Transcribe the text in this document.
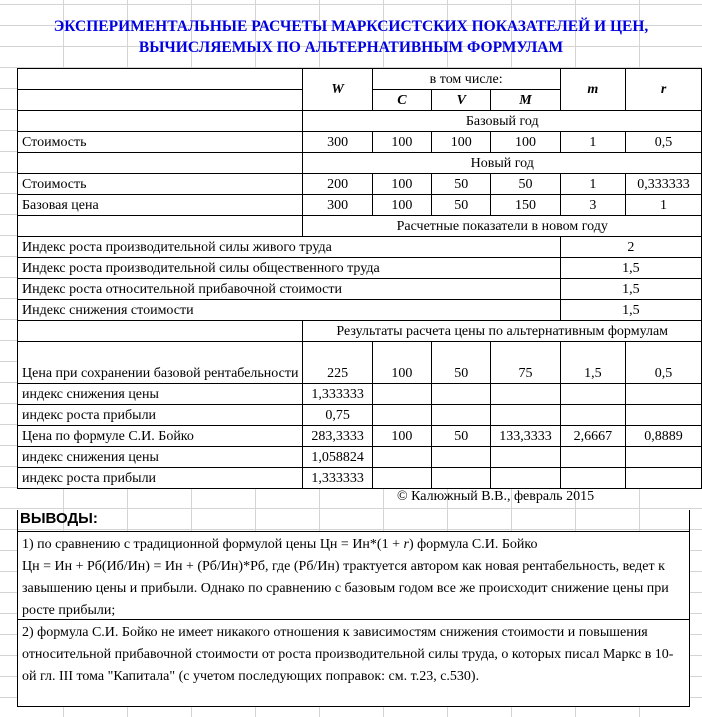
ЭКСПЕРИМЕНТАЛЬНЫЕ РАСЧЕТЫ МАРКСИСТСКИХ ПОКАЗАТЕЛЕЙ И ЦЕН,
ВЫЧИСЛЯЕМЫХ ПО АЛЬТЕРНАТИВНЫМ ФОРМУЛАМ
	W	в том числе:			m	r
		C	V	M		
	Базовый год					
Стоимость	300	100	100	100	1	0,5
	Новый год					
Стоимость	200	100	50	50	1	0,333333
Базовая цена	300	100	50	150	3	1
	Расчетные показатели в новом году					
Индекс роста производительной силы живого труда					2	
Индекс роста производительной силы общественного труда					1,5	
Индекс роста относительной прибавочной стоимости					1,5	
Индекс снижения стоимости					1,5	
	Результаты расчета цены по альтернативным формулам					
Цена при сохранении базовой рентабельности	225	100	50	75	1,5	0,5
индекс снижения цены	1,333333					
индекс роста прибыли	0,75					
Цена по формуле С.И. Бойко	283,3333	100	50	133,3333	2,6667	0,8889
индекс снижения цены	1,058824					
индекс роста прибыли	1,333333					
© Калюжный В.В., февраль 2015
ВЫВОДЫ:
1) по сравнению с традиционной формулой цены Цн = Ин*(1 + r) формула С.И. Бойко
Цн = Ин + Рб(Иб/Ин) = Ин + (Рб/Ин)*Рб, где (Рб/Ин) трактуется автором как новая рентабельность, ведет к завышению цены и прибыли. Однако по сравнению с базовым годом все же происходит снижение цены при росте прибыли;
2) формула С.И. Бойко не имеет никакого отношения к зависимостям снижения стоимости и повышения относительной прибавочной стоимости от роста производительной силы труда, о которых писал Маркс в 10-ой гл. III тома "Капитала" (с учетом последующих поправок: см. т.23, с.530).
